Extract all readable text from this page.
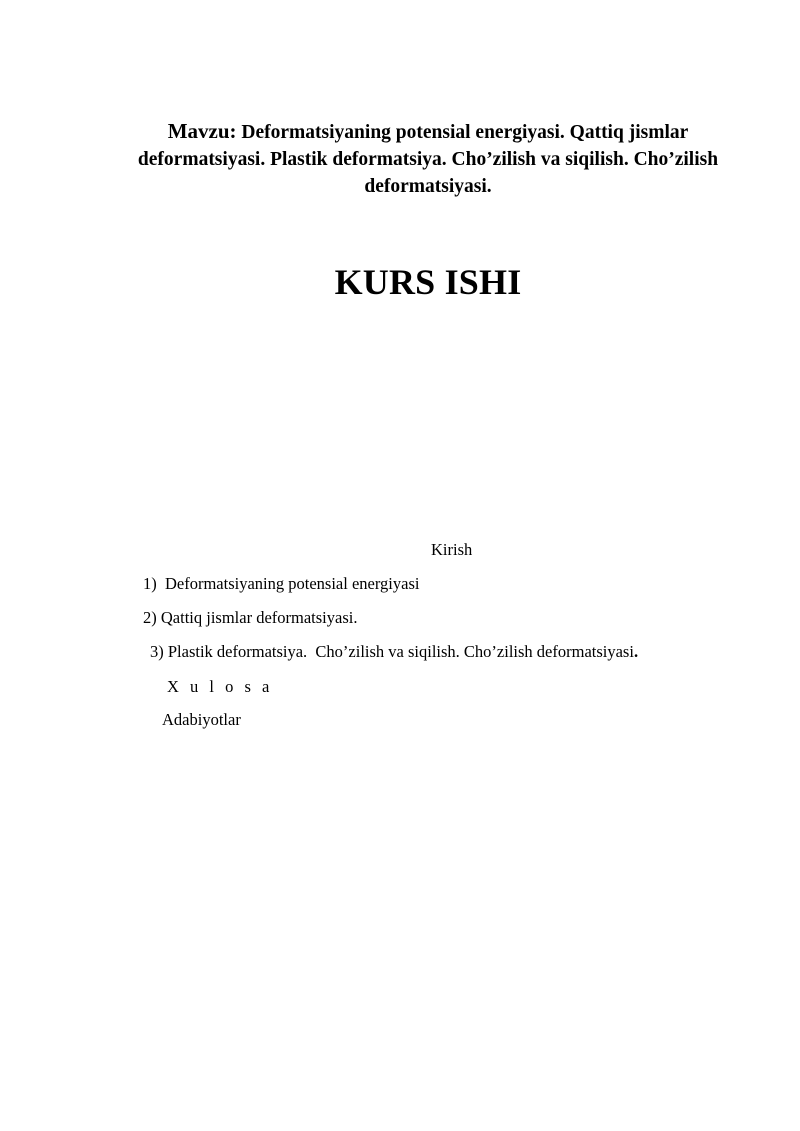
Mavzu: Deformatsiyaning potensial energiyasi. Qattiq jismlar deformatsiyasi. Plastik deformatsiya. Cho’zilish va siqilish. Cho’zilish deformatsiyasi.
KURS ISHI
Kirish
1)  Deformatsiyaning potensial energiyasi
2) Qattiq jismlar deformatsiyasi.
3) Plastik deformatsiya.  Cho’zilish va siqilish. Cho’zilish deformatsiyasi.
X u l o s a
Adabiyotlar
